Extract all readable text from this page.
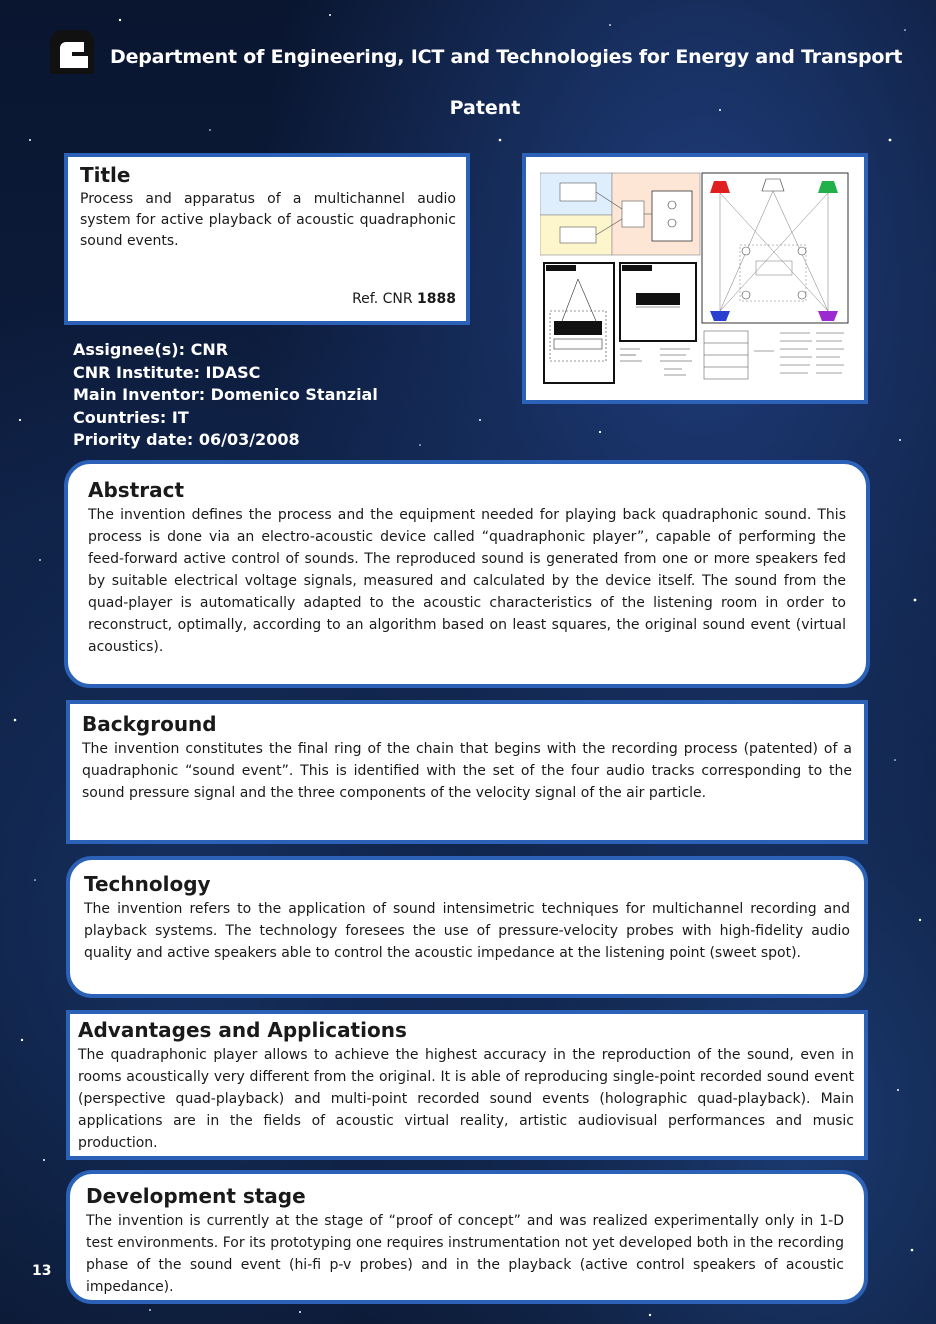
Department of Engineering, ICT and Technologies for Energy and Transport
Patent
Title

Process and apparatus of a multichannel audio system for active playback of acoustic quadraphonic sound events.

Ref. CNR 1888
Assignee(s): CNR
CNR Institute: IDASC
Main Inventor: Domenico Stanzial
Countries: IT
Priority date: 06/03/2008
Abstract

The invention defines the process and the equipment needed for playing back quadraphonic sound. This process is done via an electro-acoustic device called “quadraphonic player”, capable of performing the feed-forward active control of sounds. The reproduced sound is generated from one or more speakers fed by suitable electrical voltage signals, measured and calculated by the device itself. The sound from the quad-player is automatically adapted to the acoustic characteristics of the listening room in order to reconstruct, optimally, according to an algorithm based on least squares, the original sound event (virtual acoustics).

Background

The invention constitutes the final ring of the chain that begins with the recording process (patented) of a quadraphonic “sound event”. This is identified with the set of the four audio tracks corresponding to the sound pressure signal and the three components of the velocity signal of the air particle.

Technology

The invention refers to the application of sound intensimetric techniques for multichannel recording and playback systems. The technology foresees the use of pressure-velocity probes with high-fidelity audio quality and active speakers able to control the acoustic impedance at the listening point (sweet spot).

Advantages and Applications

The quadraphonic player allows to achieve the highest accuracy in the reproduction of the sound, even in rooms acoustically very different from the original. It is able of reproducing single-point recorded sound event (perspective quad-playback) and multi-point recorded sound events (holographic quad-playback). Main applications are in the fields of acoustic virtual reality, artistic audiovisual performances and music production.

Development stage

The invention is currently at the stage of “proof of concept” and was realized experimentally only in 1-D test environments. For its prototyping one requires instrumentation not yet developed both in the recording phase of the sound event (hi-fi p-v probes) and in the playback (active control speakers of acoustic impedance).

13
